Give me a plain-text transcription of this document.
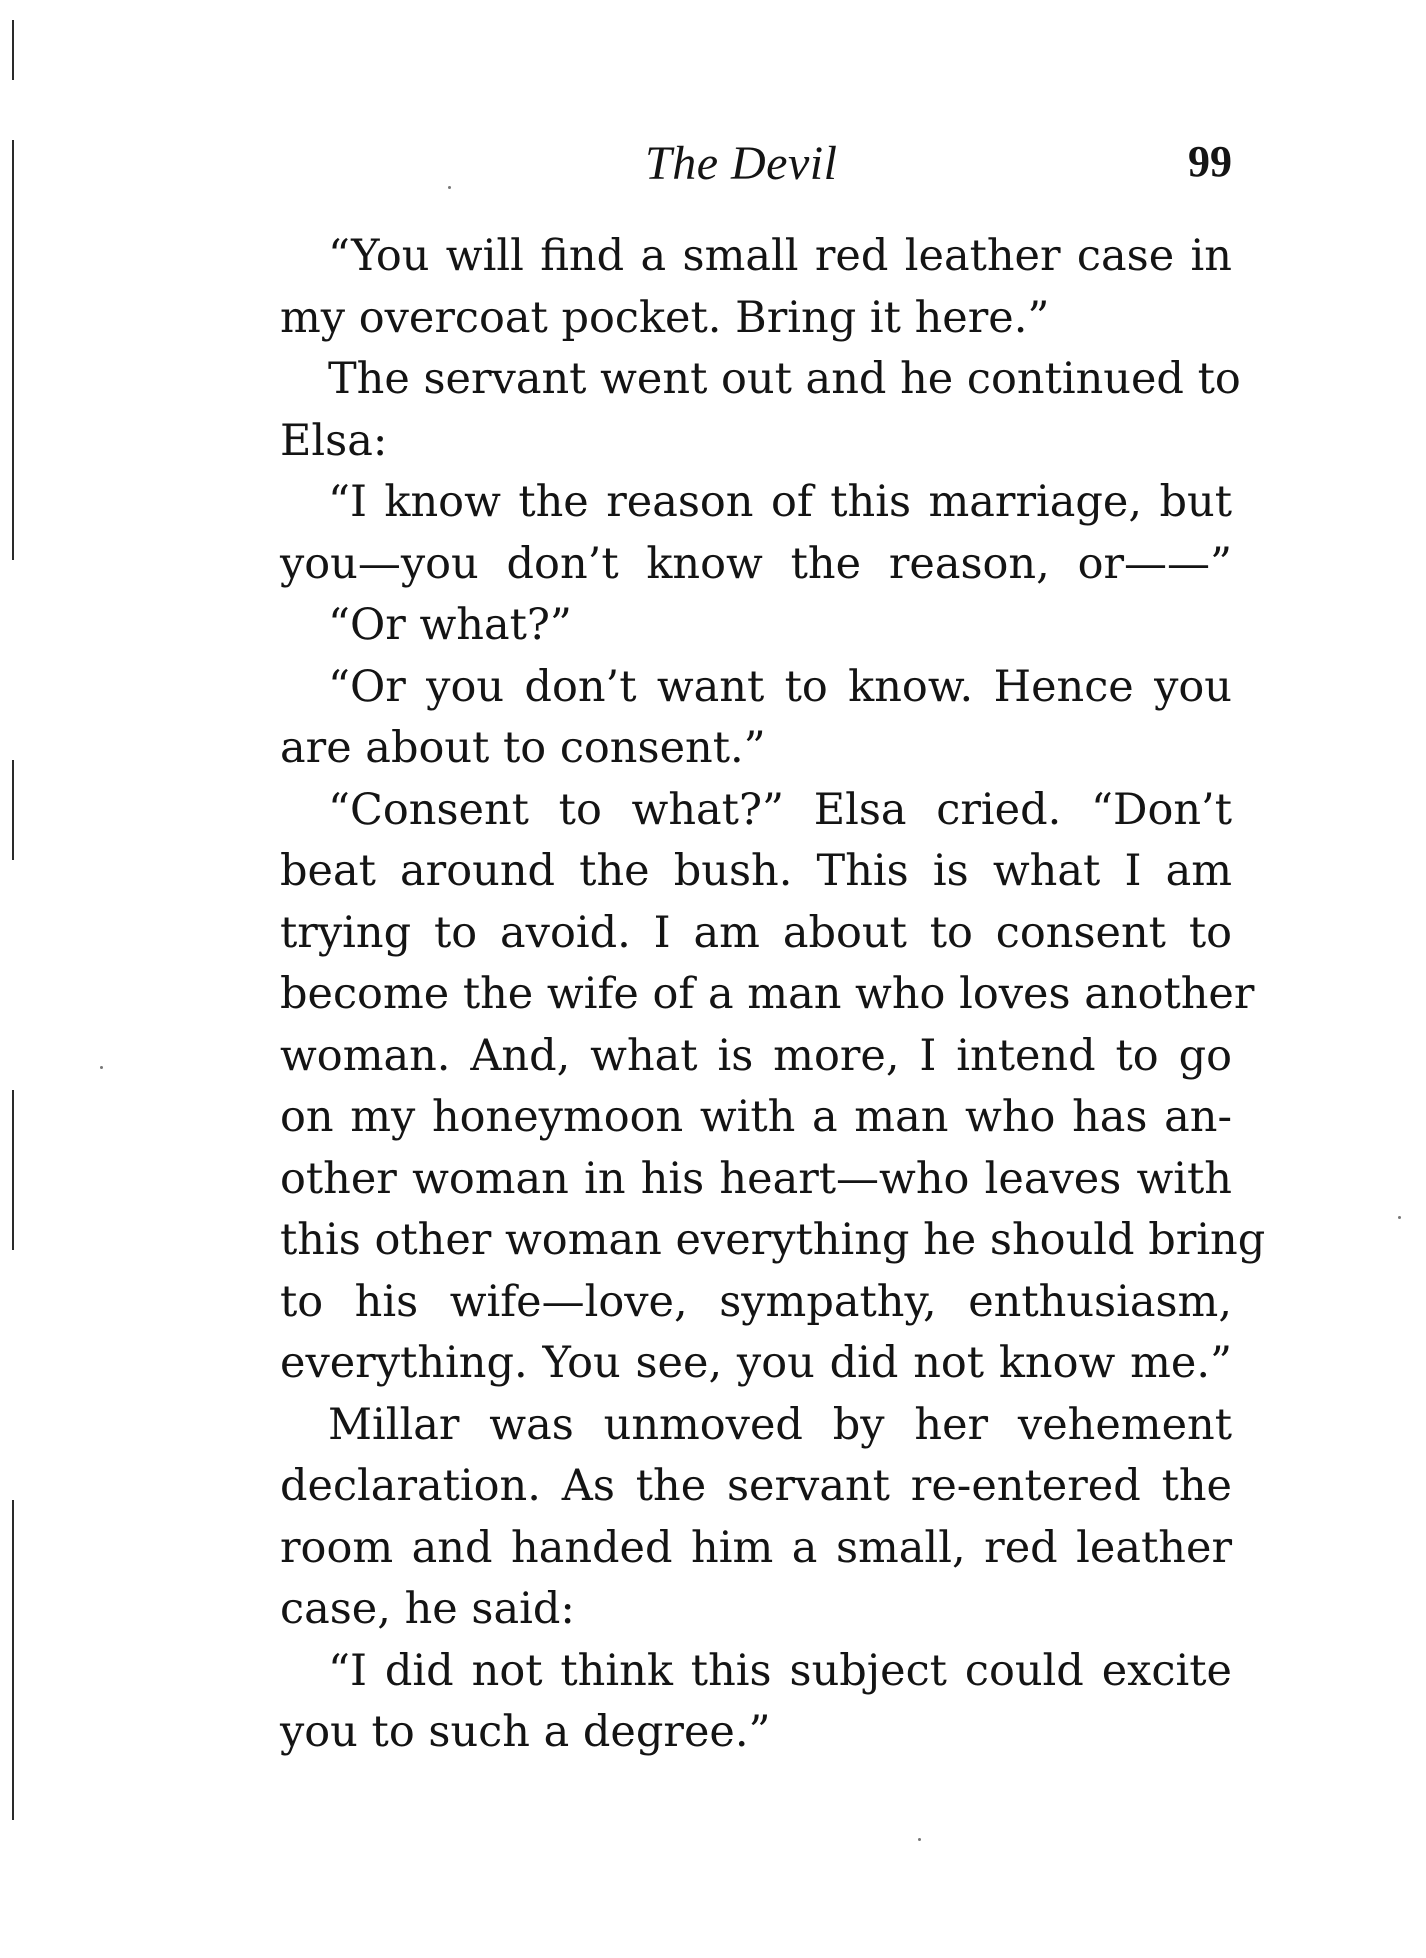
The Devil	99
“You will find a small red leather case in
my overcoat pocket. Bring it here.”
The servant went out and he continued to
Elsa:
“I know the reason of this marriage, but
you—you don’t know the reason, or——”
“Or what?”
“Or you don’t want to know. Hence you
are about to consent.”
“Consent to what?” Elsa cried. “Don’t
beat around the bush. This is what I am
trying to avoid. I am about to consent to
become the wife of a man who loves another
woman. And, what is more, I intend to go
on my honeymoon with a man who has an-
other woman in his heart—who leaves with
this other woman everything he should bring
to his wife—love, sympathy, enthusiasm,
everything. You see, you did not know me.”
Millar was unmoved by her vehement
declaration. As the servant re-entered the
room and handed him a small, red leather
case, he said:
“I did not think this subject could excite
you to such a degree.”
